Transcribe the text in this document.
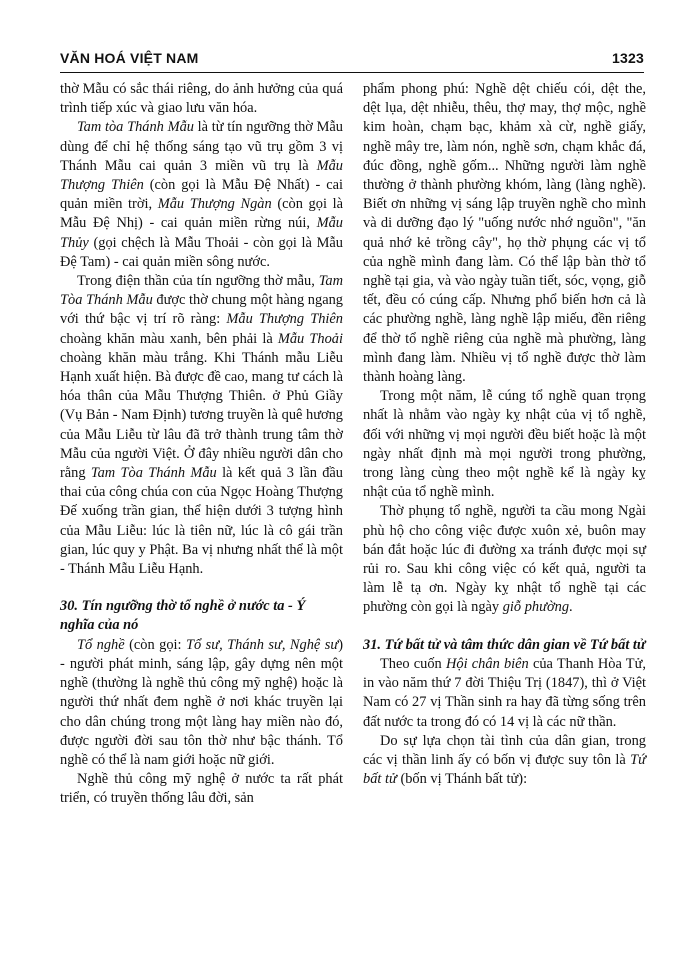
VĂN HOÁ VIỆT NAM	1323

thờ Mẫu có sắc thái riêng, do ảnh hưởng của quá trình tiếp xúc và giao lưu văn hóa.

Tam tòa Thánh Mẫu là từ tín ngưỡng thờ Mẫu dùng để chỉ hệ thống sáng tạo vũ trụ gồm 3 vị Thánh Mẫu cai quản 3 miền vũ trụ là Mẫu Thượng Thiên (còn gọi là Mẫu Đệ Nhất) - cai quản miền trời, Mẫu Thượng Ngàn (còn gọi là Mẫu Đệ Nhị) - cai quản miền rừng núi, Mẫu Thủy (gọi chệch là Mẫu Thoải - còn gọi là Mẫu Đệ Tam) - cai quản miền sông nước.

Trong điện thần của tín ngưỡng thờ mẫu, Tam Tòa Thánh Mẫu được thờ chung một hàng ngang với thứ bậc vị trí rõ ràng: Mẫu Thượng Thiên choàng khăn màu xanh, bên phải là Mẫu Thoải choàng khăn màu trắng. Khi Thánh mẫu Liễu Hạnh xuất hiện. Bà được đề cao, mang tư cách là hóa thân của Mẫu Thượng Thiên. ở Phủ Giầy (Vụ Bản - Nam Định) tương truyền là quê hương của Mẫu Liễu từ lâu đã trở thành trung tâm thờ Mẫu của người Việt. Ở đây nhiều người dân cho rằng Tam Tòa Thánh Mẫu là kết quả 3 lần đầu thai của công chúa con của Ngọc Hoàng Thượng Đế xuống trần gian, thể hiện dưới 3 tượng hình của Mẫu Liễu: lúc là tiên nữ, lúc là cô gái trần gian, lúc quy y Phật. Ba vị nhưng nhất thể là một - Thánh Mẫu Liễu Hạnh.

30. Tín ngưỡng thờ tổ nghề ở nước ta - Ý nghĩa của nó

Tổ nghề (còn gọi: Tổ sư, Thánh sư, Nghệ sư) - người phát minh, sáng lập, gây dựng nên một nghề (thường là nghề thủ công mỹ nghệ) hoặc là người thứ nhất đem nghề ở nơi khác truyền lại cho dân chúng trong một làng hay miền nào đó, được người đời sau tôn thờ như bậc thánh. Tổ nghề có thể là nam giới hoặc nữ giới.

Nghề thủ công mỹ nghệ ở nước ta rất phát triển, có truyền thống lâu đời, sản

phẩm phong phú: Nghề dệt chiếu cói, dệt the, dệt lụa, dệt nhiễu, thêu, thợ may, thợ mộc, nghề kim hoàn, chạm bạc, khảm xà cừ, nghề giấy, nghề mây tre, làm nón, nghề sơn, chạm khắc đá, đúc đồng, nghề gốm... Những người làm nghề thường ở thành phường khóm, làng (làng nghề). Biết ơn những vị sáng lập truyền nghề cho mình và di dưỡng đạo lý "uống nước nhớ nguồn", "ăn quả nhớ kẻ trồng cây", họ thờ phụng các vị tổ của nghề mình đang làm. Có thể lập bàn thờ tổ nghề tại gia, và vào ngày tuần tiết, sóc, vọng, giỗ tết, đều có cúng cấp. Nhưng phổ biến hơn cả là các phường nghề, làng nghề lập miếu, đền riêng để thờ tổ nghề riêng của nghề mà phường, làng mình đang làm. Nhiều vị tổ nghề được thờ làm thành hoàng làng.

Trong một năm, lễ cúng tổ nghề quan trọng nhất là nhằm vào ngày kỵ nhật của vị tổ nghề, đối với những vị mọi người đều biết hoặc là một ngày nhất định mà mọi người trong phường, trong làng cùng theo một nghề kể là ngày kỵ nhật của tổ nghề mình.

Thờ phụng tổ nghề, người ta cầu mong Ngài phù hộ cho công việc được xuôn xẻ, buôn may bán đắt hoặc lúc đi đường xa tránh được mọi sự rủi ro. Sau khi công việc có kết quả, người ta làm lễ tạ ơn. Ngày kỵ nhật tổ nghề tại các phường còn gọi là ngày giỗ phường.

31. Tứ bất tử và tâm thức dân gian về Tứ bất tử

Theo cuốn Hội chân biên của Thanh Hòa Tử, in vào năm thứ 7 đời Thiệu Trị (1847), thì ở Việt Nam có 27 vị Thần sinh ra hay đã từng sống trên đất nước ta trong đó có 14 vị là các nữ thần.

Do sự lựa chọn tài tình của dân gian, trong các vị thần linh ấy có bốn vị được suy tôn là Tứ bất tử (bốn vị Thánh bất tử):
